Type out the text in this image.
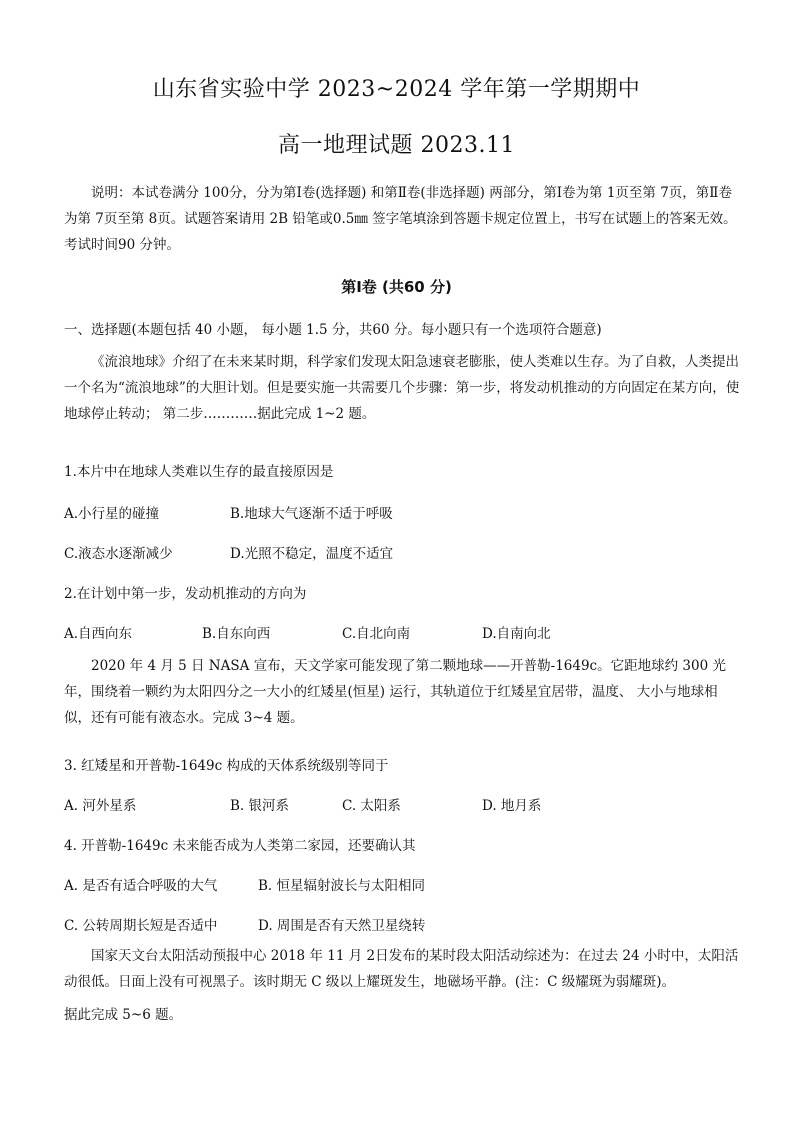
山东省实验中学 2023~2024 学年第一学期期中
高一地理试题 2023.11

说明：本试卷满分 100分，分为第Ⅰ卷(选择题) 和第Ⅱ卷(非选择题) 两部分，第Ⅰ卷为第 1页至第 7页，第Ⅱ卷为第 7页至第 8页。试题答案请用 2B 铅笔或0.5㎜ 签字笔填涂到答题卡规定位置上，书写在试题上的答案无效。考试时间90 分钟。

第Ⅰ卷 (共60 分)
一、选择题(本题包括 40 小题， 每小题 1.5 分，共60 分。每小题只有一个选项符合题意)

《流浪地球》介绍了在未来某时期，科学家们发现太阳急速衰老膨胀，使人类难以生存。为了自救，人类提出一个名为“流浪地球”的大胆计划。但是要实施一共需要几个步骤：第一步，将发动机推动的方向固定在某方向，使地球停止转动； 第二步…………据此完成 1~2 题。

1.本片中在地球人类难以生存的最直接原因是
A.小行星的碰撞	B.地球大气逐渐不适于呼吸
C.液态水逐渐减少	D.光照不稳定，温度不适宜
2.在计划中第一步，发动机推动的方向为
A.自西向东	B.自东向西	C.自北向南	D.自南向北

2020 年 4 月 5 日 NASA 宣布，天文学家可能发现了第二颗地球——开普勒-1649c。它距地球约 300 光年，围绕着一颗约为太阳四分之一大小的红矮星(恒星) 运行，其轨道位于红矮星宜居带，温度、 大小与地球相似，还有可能有液态水。完成 3~4 题。

3. 红矮星和开普勒-1649c 构成的天体系统级别等同于
A. 河外星系	B. 银河系	C. 太阳系	D. 地月系
4. 开普勒-1649c 未来能否成为人类第二家园，还要确认其
A. 是否有适合呼吸的大气	B. 恒星辐射波长与太阳相同
C. 公转周期长短是否适中	D. 周围是否有天然卫星绕转

国家天文台太阳活动预报中心 2018 年 11 月 2日发布的某时段太阳活动综述为：在过去 24 小时中，太阳活动很低。日面上没有可视黑子。该时期无 C 级以上耀斑发生，地磁场平静。(注：C 级耀斑为弱耀斑)。

据此完成 5~6 题。
